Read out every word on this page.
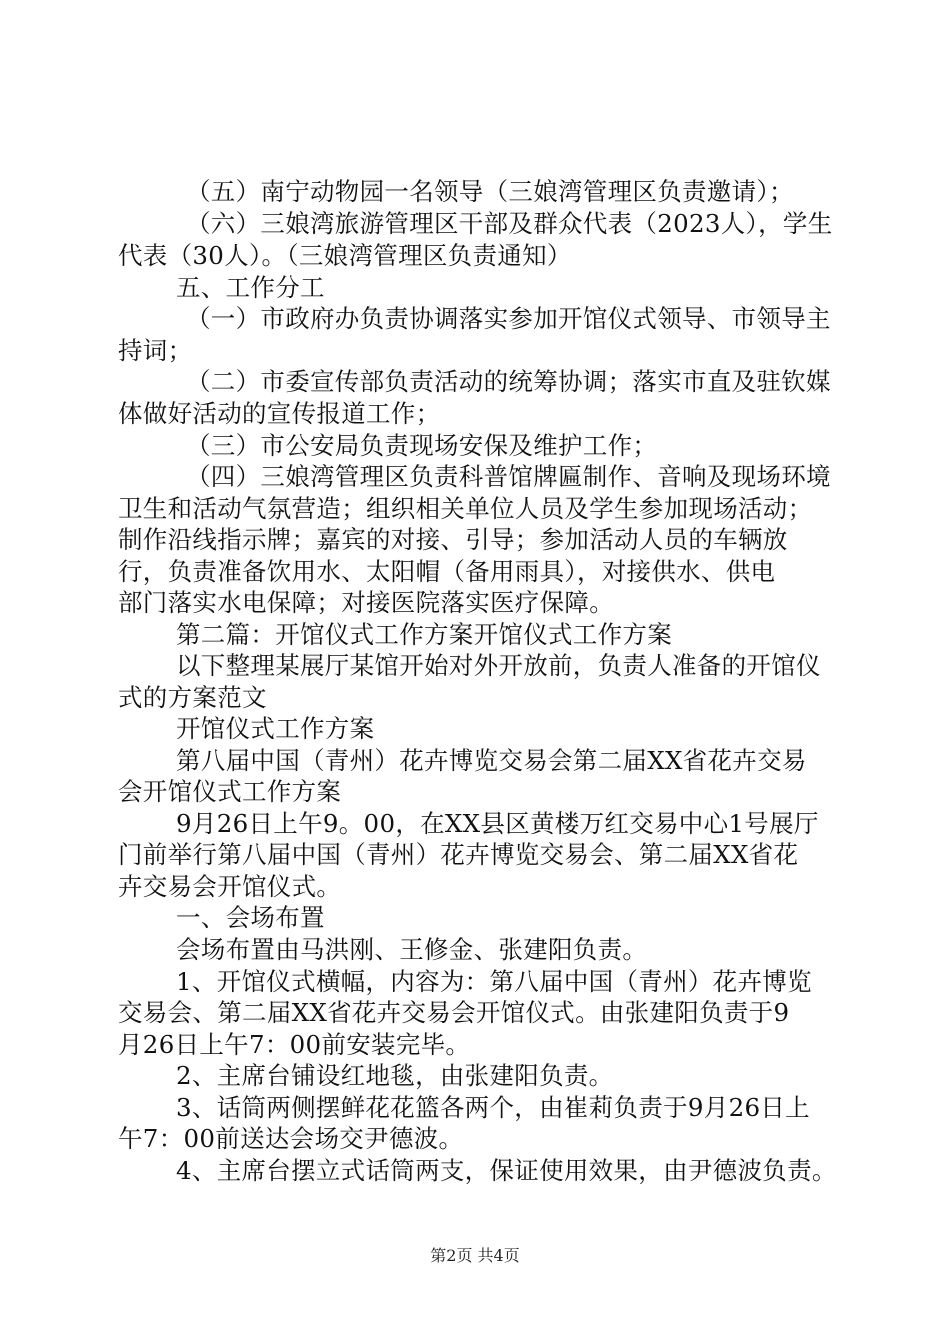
（五）南宁动物园一名领导（三娘湾管理区负责邀请）；
（六）三娘湾旅游管理区干部及群众代表（2023人），学生
代表（30人）。（三娘湾管理区负责通知）
五、工作分工
（一）市政府办负责协调落实参加开馆仪式领导、市领导主
持词；
（二）市委宣传部负责活动的统筹协调；落实市直及驻钦媒
体做好活动的宣传报道工作；
（三）市公安局负责现场安保及维护工作；
（四）三娘湾管理区负责科普馆牌匾制作、音响及现场环境
卫生和活动气氛营造；组织相关单位人员及学生参加现场活动；
制作沿线指示牌；嘉宾的对接、引导；参加活动人员的车辆放
行，负责准备饮用水、太阳帽（备用雨具），对接供水、供电
部门落实水电保障；对接医院落实医疗保障。
第二篇：开馆仪式工作方案开馆仪式工作方案
以下整理某展厅某馆开始对外开放前，负责人准备的开馆仪
式的方案范文
开馆仪式工作方案
第八届中国（青州）花卉博览交易会第二届XX省花卉交易
会开馆仪式工作方案
9月26日上午9。00，在XX县区黄楼万红交易中心1号展厅
门前举行第八届中国（青州）花卉博览交易会、第二届XX省花
卉交易会开馆仪式。
一、会场布置
会场布置由马洪刚、王修金、张建阳负责。
1、开馆仪式横幅，内容为：第八届中国（青州）花卉博览
交易会、第二届XX省花卉交易会开馆仪式。由张建阳负责于9
月26日上午7：00前安装完毕。
2、主席台铺设红地毯，由张建阳负责。
3、话筒两侧摆鲜花花篮各两个，由崔莉负责于9月26日上
午7：00前送达会场交尹德波。
4、主席台摆立式话筒两支，保证使用效果，由尹德波负责。
第2页 共4页
